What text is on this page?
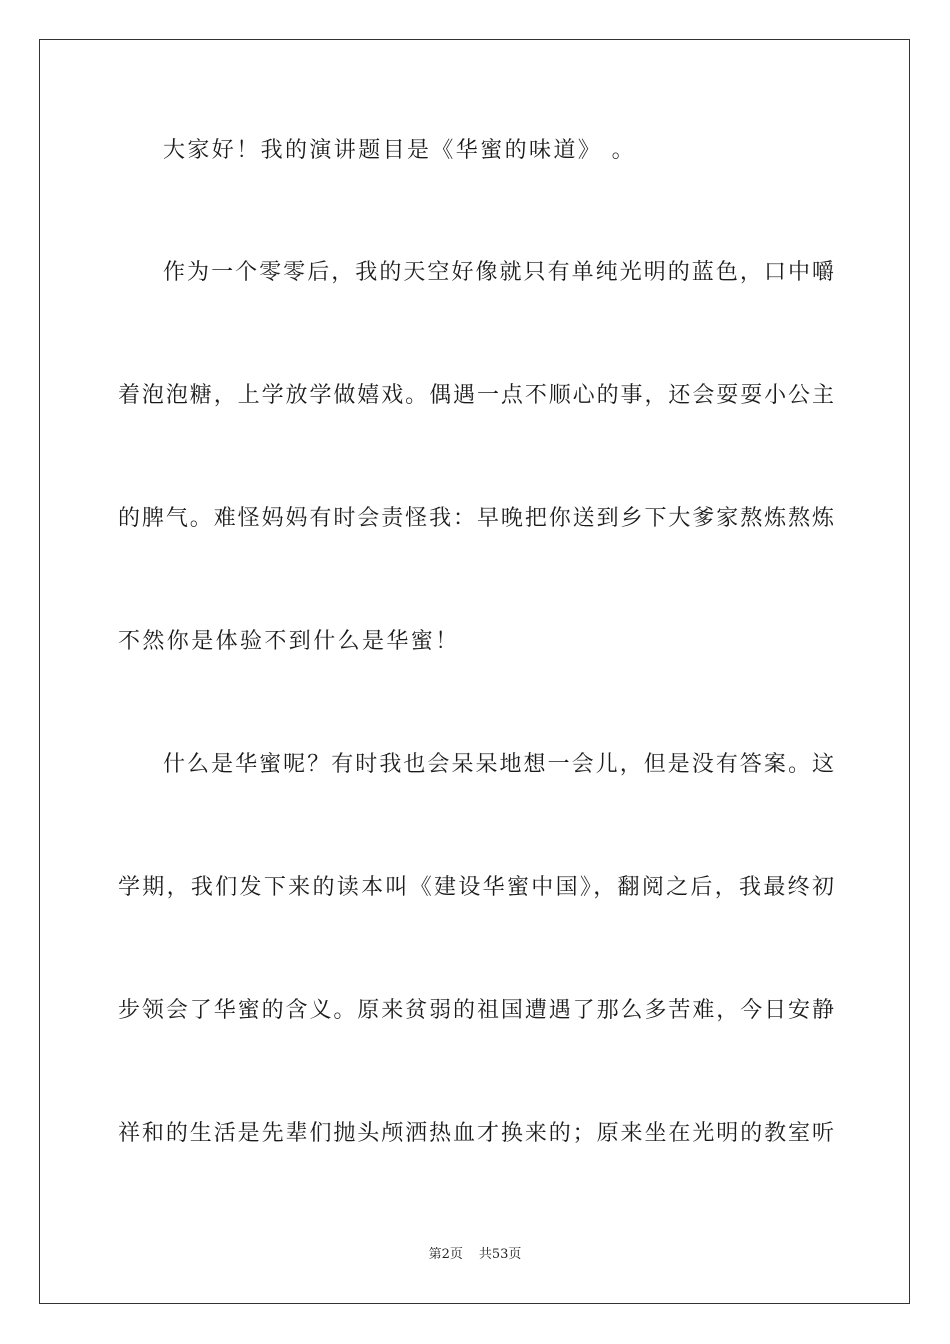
大家好！我的演讲题目是《华蜜的味道》 。
作为一个零零后，我的天空好像就只有单纯光明的蓝色，口中嚼
着泡泡糖，上学放学做嬉戏。偶遇一点不顺心的事，还会耍耍小公主
的脾气。难怪妈妈有时会责怪我：早晚把你送到乡下大爹家熬炼熬炼
不然你是体验不到什么是华蜜！
什么是华蜜呢？有时我也会呆呆地想一会儿，但是没有答案。这
学期，我们发下来的读本叫《建设华蜜中国》，翻阅之后，我最终初
步领会了华蜜的含义。原来贫弱的祖国遭遇了那么多苦难，今日安静
祥和的生活是先辈们抛头颅洒热血才换来的；原来坐在光明的教室听
第2页 共53页
